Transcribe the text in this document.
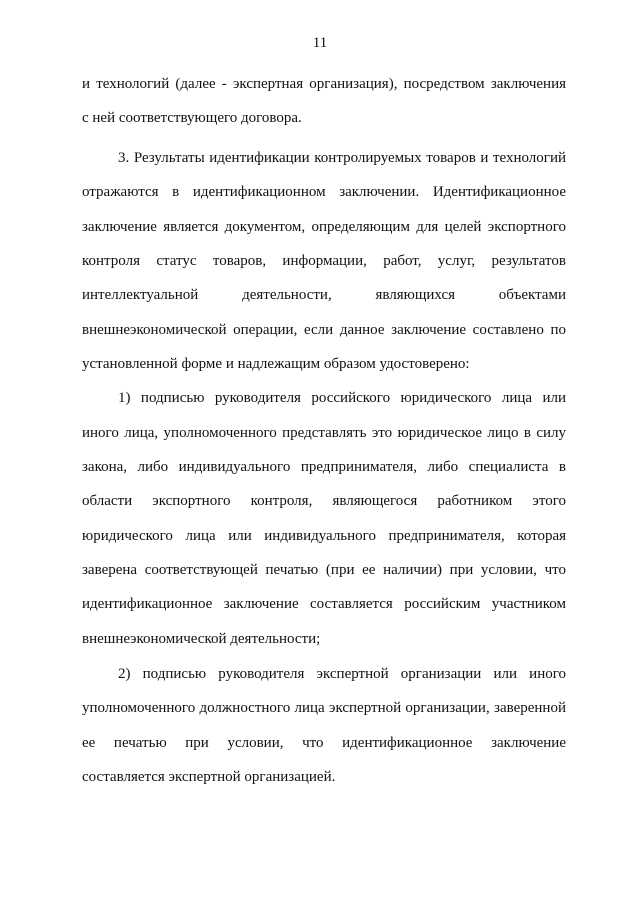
11
и технологий (далее - экспертная организация), посредством заключения
с ней соответствующего договора.
3. Результаты идентификации контролируемых товаров и технологий
отражаются в идентификационном заключении. Идентификационное
заключение является документом, определяющим для целей экспортного
контроля статус товаров, информации, работ, услуг, результатов
интеллектуальной деятельности, являющихся объектами
внешнеэкономической операции, если данное заключение составлено по
установленной форме и надлежащим образом удостоверено:
1) подписью руководителя российского юридического лица или
иного лица, уполномоченного представлять это юридическое лицо в силу
закона, либо индивидуального предпринимателя, либо специалиста в
области экспортного контроля, являющегося работником этого
юридического лица или индивидуального предпринимателя, которая
заверена соответствующей печатью (при ее наличии) при условии, что
идентификационное заключение составляется российским участником
внешнеэкономической деятельности;
2) подписью руководителя экспертной организации или иного
уполномоченного должностного лица экспертной организации, заверенной
ее печатью при условии, что идентификационное заключение
составляется экспертной организацией.
